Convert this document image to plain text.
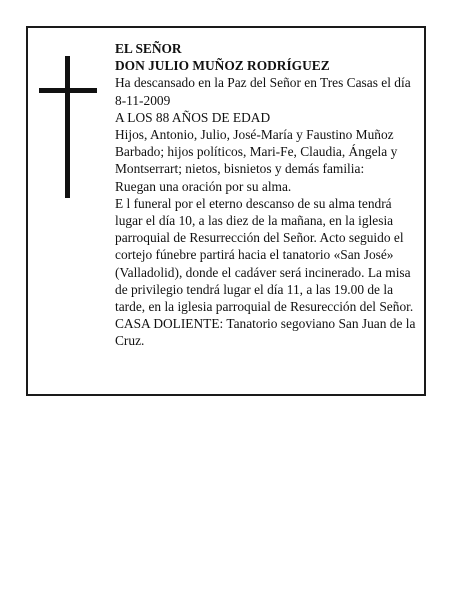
EL SEÑOR

DON JULIO MUÑOZ RODRÍGUEZ

Ha descansado en la Paz del Señor en Tres Casas el día 8-11-2009

A LOS 88 AÑOS DE EDAD

Hijos, Antonio, Julio, José-María y Faustino Muñoz Barbado; hijos políticos, Mari-Fe, Claudia, Ángela y Montserrart; nietos, bisnietos y demás familia:

Ruegan una oración por su alma.

E l funeral por el eterno descanso de su alma tendrá lugar el día 10, a las diez de la mañana, en la iglesia parroquial de Resurrección del Señor. Acto seguido el cortejo fúnebre partirá hacia el tanatorio «San José» (Valladolid), donde el cadáver será incinerado. La misa de privilegio tendrá lugar el día 11, a las 19.00 de la tarde, en la iglesia parroquial de Resurección del Señor.

CASA DOLIENTE: Tanatorio segoviano San Juan de la Cruz.
